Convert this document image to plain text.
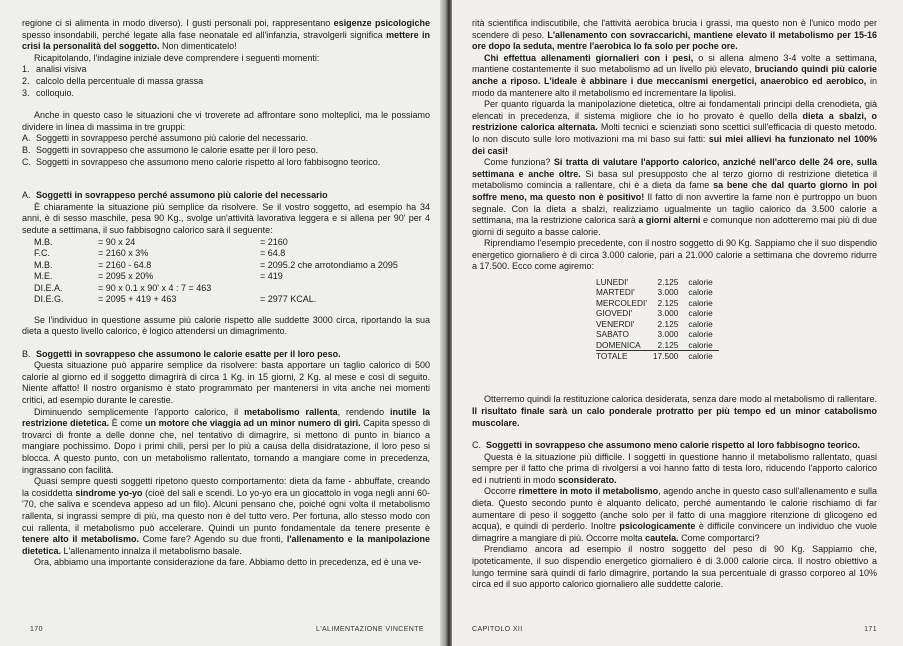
regione ci si alimenta in modo diverso). I gusti personali poi, rappresentano esigenze psicologiche spesso insondabili, perché legate alla fase neonatale ed all'infanzia, stravolgerli significa mettere in crisi la personalità del soggetto. Non dimenticatelo!

Ricapitolando, l'indagine iniziale deve comprendere i seguenti momenti:

1. analisi visiva
2. calcolo della percentuale di massa grassa
3. colloquio.

Anche in questo caso le situazioni che vi troverete ad affrontare sono molteplici, ma le possiamo dividere in linea di massima in tre gruppi:

A. Soggetti in sovrappeso perché assumono più calorie del necessario.
B. Soggetti in sovrappeso che assumono le calorie esatte per il loro peso.
C. Soggetti in sovrappeso che assumono meno calorie rispetto al loro fabbisogno teorico.
A. Soggetti in sovrappeso perché assumono più calorie del necessario

È chiaramente la situazione più semplice da risolvere. Se il vostro soggetto, ad esempio ha 34 anni, è di sesso maschile, pesa 90 Kg., svolge un'attività lavorativa leggera e si allena per 90' per 4 sedute a settimana, il suo fabbisogno calorico sarà il seguente:

M.B.	= 90 x 24	= 2160
F.C.	= 2160 x 3%	= 64.8
M.B.	= 2160 - 64.8	= 2095.2 che arrotondiamo a 2095
M.E.	= 2095 x 20%	= 419
DI.E.A.	= 90 x 0.1 x 90' x 4 : 7 = 463
DI.E.G.	= 2095 + 419 + 463	= 2977 KCAL.

Se l'individuo in questione assume più calorie rispetto alle suddette 3000 circa, riportando la sua dieta a questo livello calorico, è logico attendersi un dimagrimento.

B. Soggetti in sovrappeso che assumono le calorie esatte per il loro peso.

Questa situazione può apparire semplice da risolvere: basta apportare un taglio calorico di 500 calorie al giorno ed il soggetto dimagrirà di circa 1 Kg. in 15 giorni, 2 Kg. al mese e così di seguito. Niente affatto! Il nostro organismo è stato programmato per mantenersi in vita anche nei momenti critici, ad esempio durante le carestie.

Diminuendo semplicemente l'apporto calorico, il metabolismo rallenta, rendendo inutile la restrizione dietetica. È come un motore che viaggia ad un minor numero di giri. Capita spesso di trovarci di fronte a delle donne che, nel tentativo di dimagrire, si mettono di punto in bianco a mangiare pochissimo. Dopo i primi chili, persi per lo più a causa della disidratazione, il loro peso si blocca. A questo punto, con un metabolismo rallentato, tornando a mangiare come in precedenza, ingrassano con facilità.

Quasi sempre questi soggetti ripetono questo comportamento: dieta da fame - abbuffate, creando la cosiddetta sindrome yo-yo (cioè del sali e scendi. Lo yo-yo era un giocattolo in voga negli anni 60-'70, che saliva e scendeva appeso ad un filo). Alcuni pensano che, poiché ogni volta il metabolismo rallenta, si ingrassi sempre di più, ma questo non è del tutto vero. Per fortuna, allo stesso modo con cui rallenta, il metabolismo può accelerare. Quindi un punto fondamentale da tenere presente è tenere alto il metabolismo. Come fare? Agendo su due fronti, l'allenamento e la manipolazione dietetica. L'allenamento innalza il metabolismo basale.

Ora, abbiamo una importante considerazione da fare. Abbiamo detto in precedenza, ed è una ve-

170	L'ALIMENTAZIONE VINCENTE

rità scientifica indiscutibile, che l'attività aerobica brucia i grassi, ma questo non è l'unico modo per scendere di peso. L'allenamento con sovraccarichi, mantiene elevato il metabolismo per 15-16 ore dopo la seduta, mentre l'aerobica lo fa solo per poche ore.

Chi effettua allenamenti giornalieri con i pesi, o si allena almeno 3-4 volte a settimana, mantiene costantemente il suo metabolismo ad un livello più elevato, bruciando quindi più calorie anche a riposo. L'ideale è abbinare i due meccanismi energetici, anaerobico ed aerobico, in modo da mantenere alto il metabolismo ed incrementare la lipolisi.

Per quanto riguarda la manipolazione dietetica, oltre ai fondamentali principi della crenodieta, già elencati in precedenza, il sistema migliore che io ho provato è quello della dieta a sbalzi, o restrizione calorica alternata. Molti tecnici e scienziati sono scettici sull'efficacia di questo metodo. Io non discuto sulle loro motivazioni ma mi baso sui fatti: sui miei allievi ha funzionato nel 100% dei casi!

Come funziona? Si tratta di valutare l'apporto calorico, anziché nell'arco delle 24 ore, sulla settimana e anche oltre. Si basa sul presupposto che al terzo giorno di restrizione dietetica il metabolismo comincia a rallentare, chi è a dieta da fame sa bene che dal quarto giorno in poi soffre meno, ma questo non è positivo! Il fatto di non avvertire la fame non è purtroppo un buon segnale. Con la dieta a sbalzi, realizziamo ugualmente un taglio calorico da 3.500 calorie a settimana, ma la restrizione calorica sarà a giorni alterni e comunque non adotteremo mai più di due giorni di seguito a basse calorie.

Riprendiamo l'esempio precedente, con il nostro soggetto di 90 Kg. Sappiamo che il suo dispendio energetico giornaliero è di circa 3.000 calorie, pari a 21.000 calorie a settimana che dovremo ridurre a 17.500. Ecco come agiremo:

LUNEDI'	2.125	calorie
MARTEDI'	3.000	calorie
MERCOLEDI'	2.125	calorie
GIOVEDI'	3.000	calorie
VENERDI'	2.125	calorie
SABATO	3.000	calorie
DOMENICA	2.125	calorie
TOTALE	17.500	calorie

Otterremo quindi la restituzione calorica desiderata, senza dare modo al metabolismo di rallentare. Il risultato finale sarà un calo ponderale protratto per più tempo ed un minor catabolismo muscolare.

C. Soggetti in sovrappeso che assumono meno calorie rispetto al loro fabbisogno teorico.

Questa è la situazione più difficile. I soggetti in questione hanno il metabolismo rallentato, quasi sempre per il fatto che prima di rivolgersi a voi hanno fatto di testa loro, riducendo l'apporto calorico ed i nutrienti in modo sconsiderato.

Occorre rimettere in moto il metabolismo, agendo anche in questo caso sull'allenamento e sulla dieta. Questo secondo punto è alquanto delicato, perché aumentando le calorie rischiamo di far aumentare di peso il soggetto (anche solo per il fatto di una maggiore ritenzione di glicogeno ed acqua), e quindi di perderlo. Inoltre psicologicamente è difficile convincere un individuo che vuole dimagrire a mangiare di più. Occorre molta cautela. Come comportarci?

Prendiamo ancora ad esempio il nostro soggetto del peso di 90 Kg. Sappiamo che, ipoteticamente, il suo dispendio energetico giornaliero è di 3.000 calorie circa. Il nostro obiettivo a lungo termine sarà quindi di farlo dimagrire, portando la sua percentuale di grasso corporeo al 10% circa ed il suo apporto calorico giornaliero alle suddette calorie.

CAPITOLO XII	171
